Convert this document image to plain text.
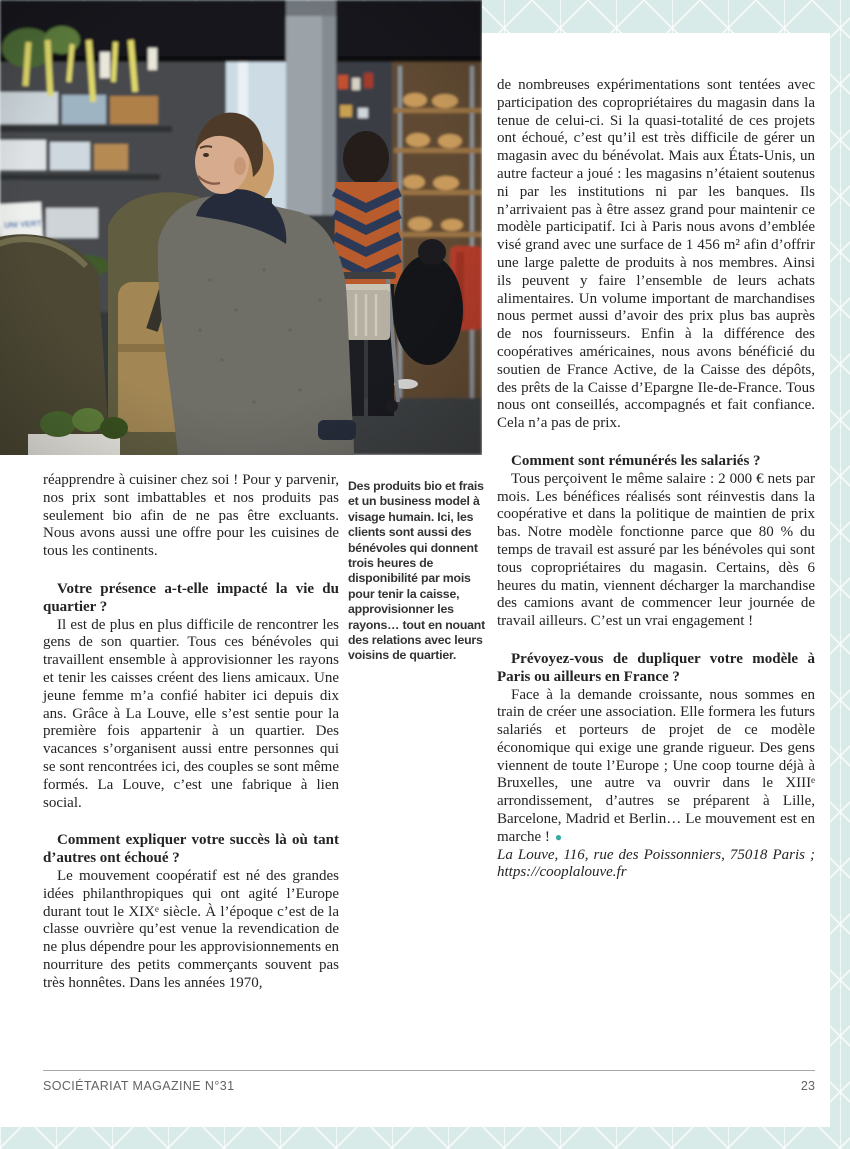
réapprendre à cuisiner chez soi ! Pour y parvenir, nos prix sont imbattables et nos produits pas seulement bio afin de ne pas être excluants. Nous avons aussi une offre pour les cuisines de tous les continents.

Votre présence a-t-elle impacté la vie du quartier ?

Il est de plus en plus difficile de rencontrer les gens de son quartier. Tous ces bénévoles qui travaillent ensemble à approvisionner les rayons et tenir les caisses créent des liens amicaux. Une jeune femme m’a confié habiter ici depuis dix ans. Grâce à La Louve, elle s’est sentie pour la première fois appartenir à un quartier. Des vacances s’organisent aussi entre personnes qui se sont rencontrées ici, des couples se sont même formés. La Louve, c’est une fabrique à lien social.

Comment expliquer votre succès là où tant d’autres ont échoué ?

Le mouvement coopératif est né des grandes idées philanthropiques qui ont agité l’Europe durant tout le XIXᵉ siècle. À l’époque c’est de la classe ouvrière qu’est venue la revendication de ne plus dépendre pour les approvisionnements en nourriture des petits commerçants souvent pas très honnêtes. Dans les années 1970,

Des produits bio et frais et un business model à visage humain. Ici, les clients sont aussi des bénévoles qui donnent trois heures de disponibilité par mois pour tenir la caisse, approvisionner les rayons… tout en nouant des relations avec leurs voisins de quartier.

de nombreuses expérimentations sont tentées avec participation des copropriétaires du magasin dans la tenue de celui-ci. Si la quasi-totalité de ces projets ont échoué, c’est qu’il est très difficile de gérer un magasin avec du bénévolat. Mais aux États-Unis, un autre facteur a joué : les magasins n’étaient soutenus ni par les institutions ni par les banques. Ils n’arrivaient pas à être assez grand pour maintenir ce modèle participatif. Ici à Paris nous avons d’emblée visé grand avec une surface de 1 456 m² afin d’offrir une large palette de produits à nos membres. Ainsi ils peuvent y faire l’ensemble de leurs achats alimentaires. Un volume important de marchandises nous permet aussi d’avoir des prix plus bas auprès de nos fournisseurs. Enfin à la différence des coopératives américaines, nous avons bénéficié du soutien de France Active, de la Caisse des dépôts, des prêts de la Caisse d’Epargne Ile-de-France. Tous nous ont conseillés, accompagnés et fait confiance. Cela n’a pas de prix.

Comment sont rémunérés les salariés ?

Tous perçoivent le même salaire : 2 000 € nets par mois. Les bénéfices réalisés sont réinvestis dans la coopérative et dans la politique de maintien de prix bas. Notre modèle fonctionne parce que 80 % du temps de travail est assuré par les bénévoles qui sont tous copropriétaires du magasin. Certains, dès 6 heures du matin, viennent décharger la marchandise des camions avant de commencer leur journée de travail ailleurs. C’est un vrai engagement !

Prévoyez-vous de dupliquer votre modèle à Paris ou ailleurs en France ?

Face à la demande croissante, nous sommes en train de créer une association. Elle formera les futurs salariés et porteurs de projet de ce modèle économique qui exige une grande rigueur. Des gens viennent de toute l’Europe ; Une coop tourne déjà à Bruxelles, une autre va ouvrir dans le XIIIᵉ arrondissement, d’autres se préparent à Lille, Barcelone, Madrid et Berlin… Le mouvement est en marche ! ●

La Louve, 116, rue des Poissonniers, 75018 Paris ; https://cooplalouve.fr

SOCIÉTARIAT MAGAZINE N°31	23
